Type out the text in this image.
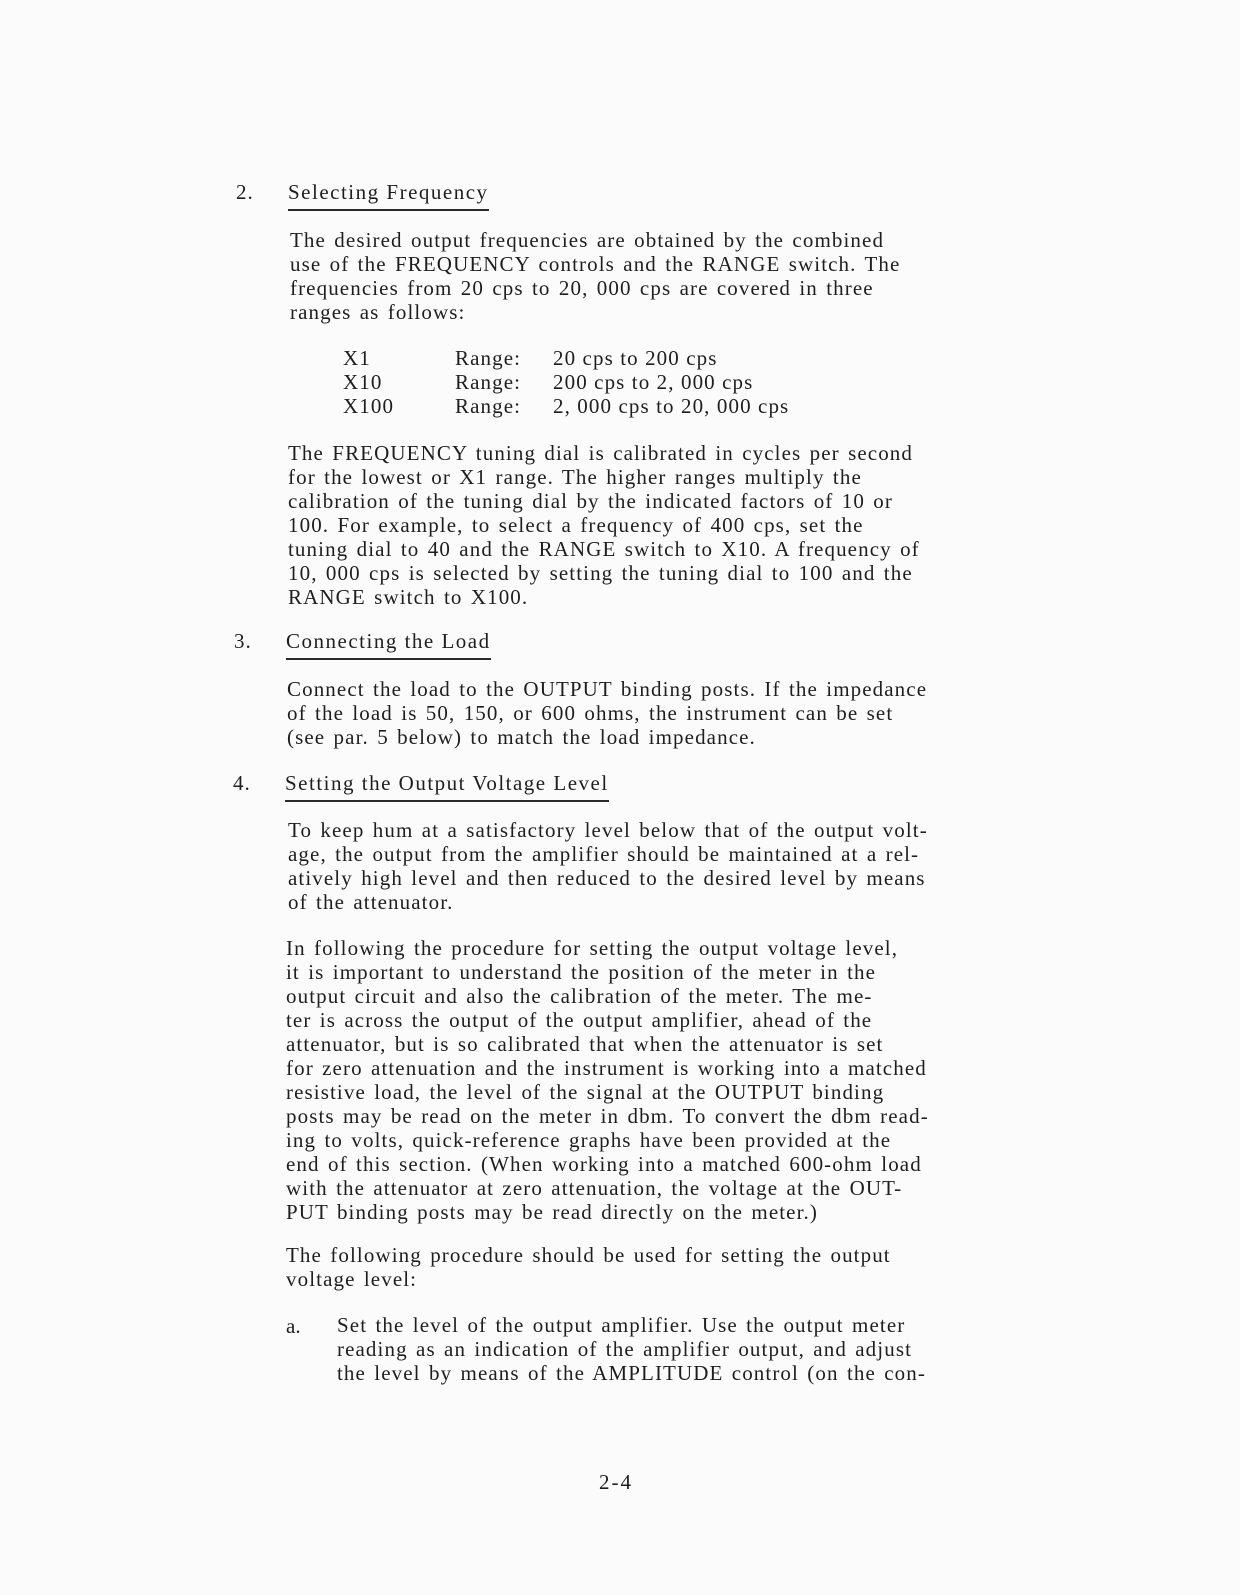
2. Selecting Frequency
The desired output frequencies are obtained by the combined
use of the FREQUENCY controls and the RANGE switch. The
frequencies from 20 cps to 20, 000 cps are covered in three
ranges as follows:
X1	Range: 20 cps to 200 cps
X10	Range: 200 cps to 2, 000 cps
X100	Range: 2, 000 cps to 20, 000 cps
The FREQUENCY tuning dial is calibrated in cycles per second
for the lowest or X1 range. The higher ranges multiply the
calibration of the tuning dial by the indicated factors of 10 or
100. For example, to select a frequency of 400 cps, set the
tuning dial to 40 and the RANGE switch to X10. A frequency of
10, 000 cps is selected by setting the tuning dial to 100 and the
RANGE switch to X100.
3. Connecting the Load
Connect the load to the OUTPUT binding posts. If the impedance
of the load is 50, 150, or 600 ohms, the instrument can be set
(see par. 5 below) to match the load impedance.
4. Setting the Output Voltage Level
To keep hum at a satisfactory level below that of the output volt-
age, the output from the amplifier should be maintained at a rel-
atively high level and then reduced to the desired level by means
of the attenuator.
In following the procedure for setting the output voltage level,
it is important to understand the position of the meter in the
output circuit and also the calibration of the meter. The me-
ter is across the output of the output amplifier, ahead of the
attenuator, but is so calibrated that when the attenuator is set
for zero attenuation and the instrument is working into a matched
resistive load, the level of the signal at the OUTPUT binding
posts may be read on the meter in dbm. To convert the dbm read-
ing to volts, quick-reference graphs have been provided at the
end of this section. (When working into a matched 600-ohm load
with the attenuator at zero attenuation, the voltage at the OUT-
PUT binding posts may be read directly on the meter.)
The following procedure should be used for setting the output
voltage level:
a. Set the level of the output amplifier. Use the output meter
reading as an indication of the amplifier output, and adjust
the level by means of the AMPLITUDE control (on the con-
2-4
